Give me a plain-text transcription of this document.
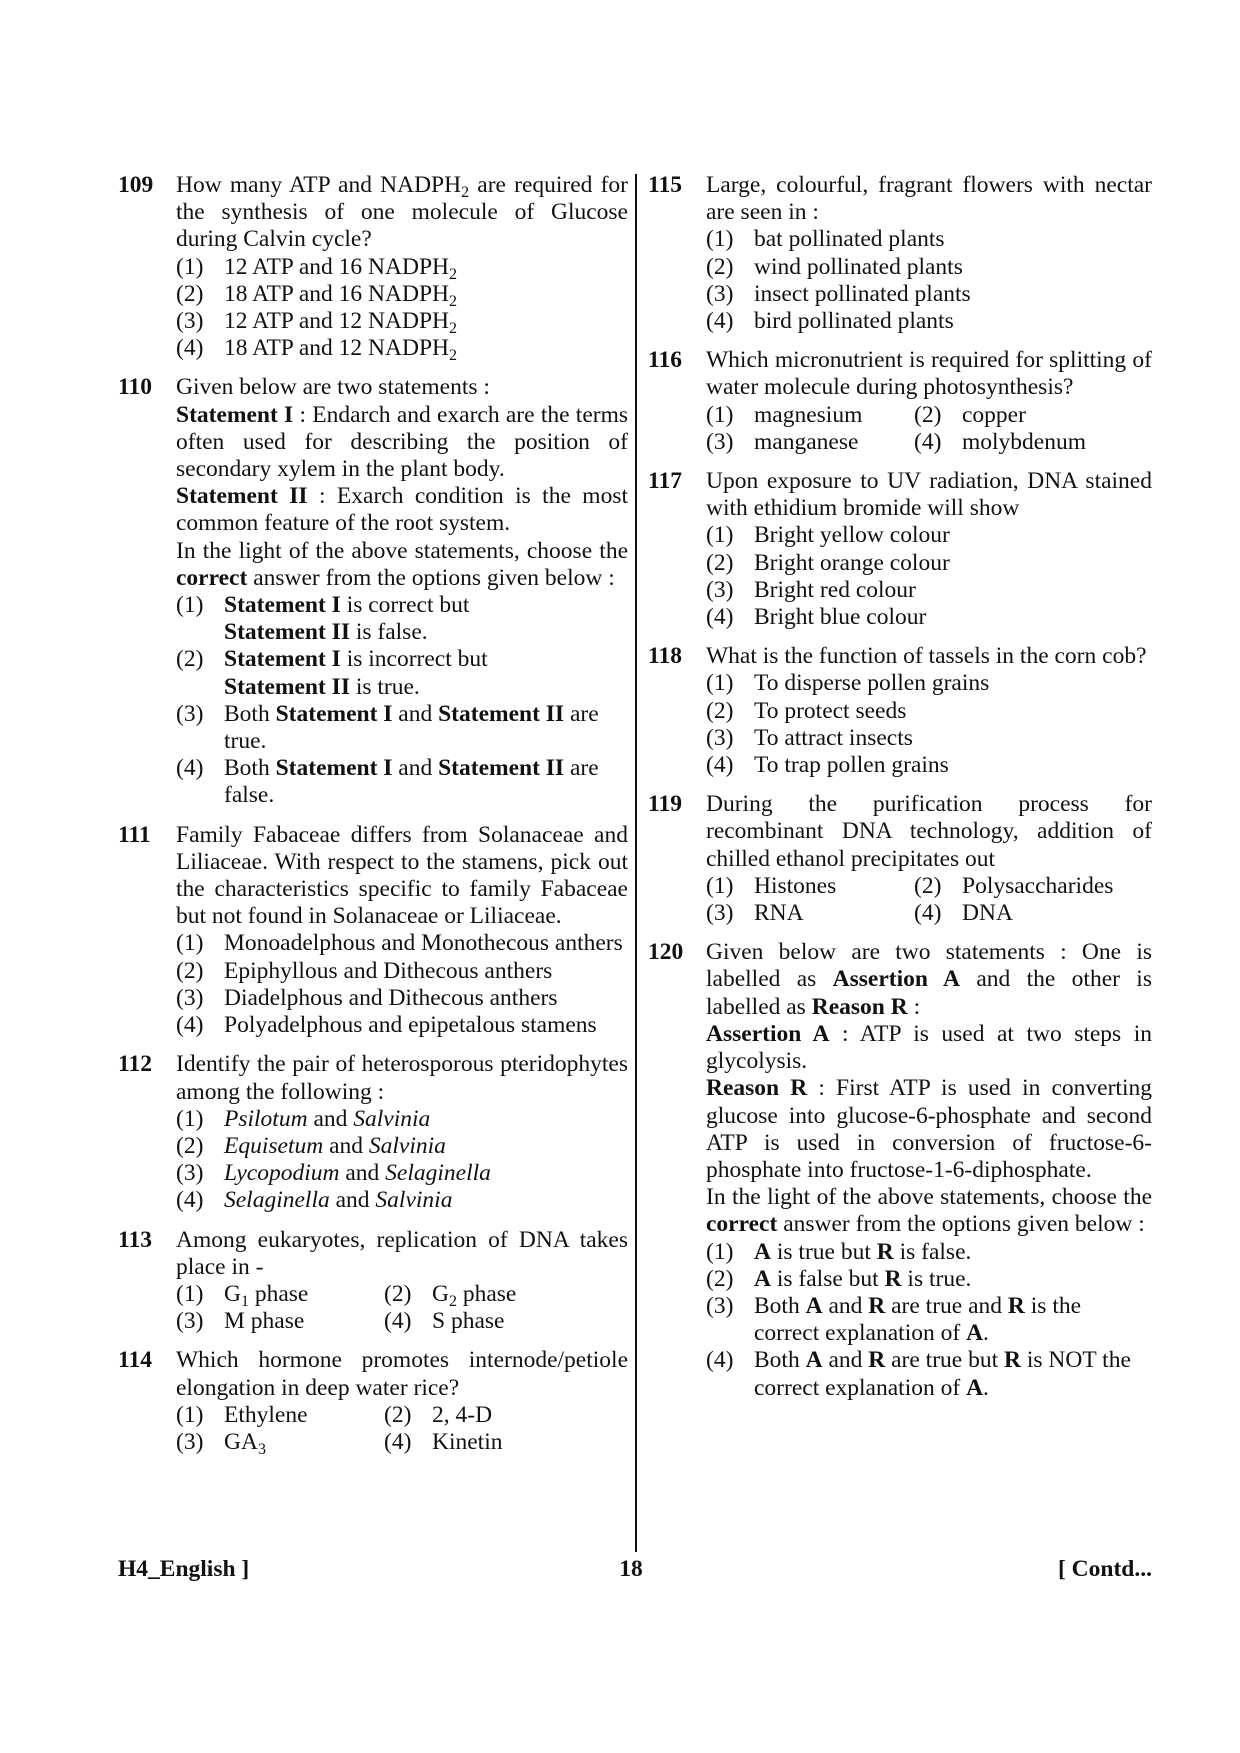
109 How many ATP and $NADPH_2$ are required for the synthesis of one molecule of Glucose during Calvin cycle?
(1) 12 ATP and 16 $NADPH_2$
(2) 18 ATP and 16 $NADPH_2$
(3) 12 ATP and 12 $NADPH_2$
(4) 18 ATP and 12 $NADPH_2$
110	Given below are two statements :
Statement I : Endarch and exarch are the terms often used for describing the position of secondary xylem in the plant body.
Statement II : Exarch condition is the most common feature of the root system.
In the light of the above statements, choose the correct answer from the options given below :
(1) Statement I is correct but
Statement II is false.
(2) Statement I is incorrect but
Statement II is true.
(3) Both Statement I and Statement II are true.
(4) Both Statement I and Statement II are false.
111	Family Fabaceae differs from Solanaceae and Liliaceae. With respect to the stamens, pick out the characteristics specific to family Fabaceae but not found in Solanaceae or Liliaceae.
(1) Monoadelphous and Monothecous anthers
(2) Epiphyllous and Dithecous anthers
(3) Diadelphous and Dithecous anthers
(4) Polyadelphous and epipetalous stamens
112	Identify the pair of heterosporous pteridophytes among the following :
(1) Psilotum and Salvinia
(2) Equisetum and Salvinia
(3) Lycopodium and Selaginella
(4) Selaginella and Salvinia
113	Among eukaryotes, replication of DNA takes place in -
(1) $G_1$ phase	(2) $G_2$ phase
(3) M phase	(4) S phase
114	Which hormone promotes internode/petiole elongation in deep water rice?
(1) Ethylene	(2) 2, 4-D
(3) $GA_3$	(4) Kinetin
115	Large, colourful, fragrant flowers with nectar are seen in :
(1) bat pollinated plants
(2) wind pollinated plants
(3) insect pollinated plants
(4) bird pollinated plants
116	Which micronutrient is required for splitting of water molecule during photosynthesis?
(1) magnesium	(2) copper
(3) manganese	(4) molybdenum
117	Upon exposure to UV radiation, DNA stained with ethidium bromide will show
(1) Bright yellow colour
(2) Bright orange colour
(3) Bright red colour
(4) Bright blue colour
118	What is the function of tassels in the corn cob?
(1) To disperse pollen grains
(2) To protect seeds
(3) To attract insects
(4) To trap pollen grains
119	During the purification process for recombinant DNA technology, addition of chilled ethanol precipitates out
(1) Histones	(2) Polysaccharides
(3) RNA	(4) DNA
120 Given below are two statements : One is labelled as Assertion A and the other is labelled as Reason R :
Assertion A : ATP is used at two steps in glycolysis.
Reason R : First ATP is used in converting glucose into glucose-6-phosphate and second ATP is used in conversion of fructose-6-phosphate into fructose-1-6-diphosphate.
In the light of the above statements, choose the correct answer from the options given below :
(1) A is true but R is false.
(2) A is false but R is true.
(3) Both A and R are true and R is the correct explanation of A.
(4) Both A and R are true but R is NOT the correct explanation of A.
H4_English ]	18	[ Contd...
